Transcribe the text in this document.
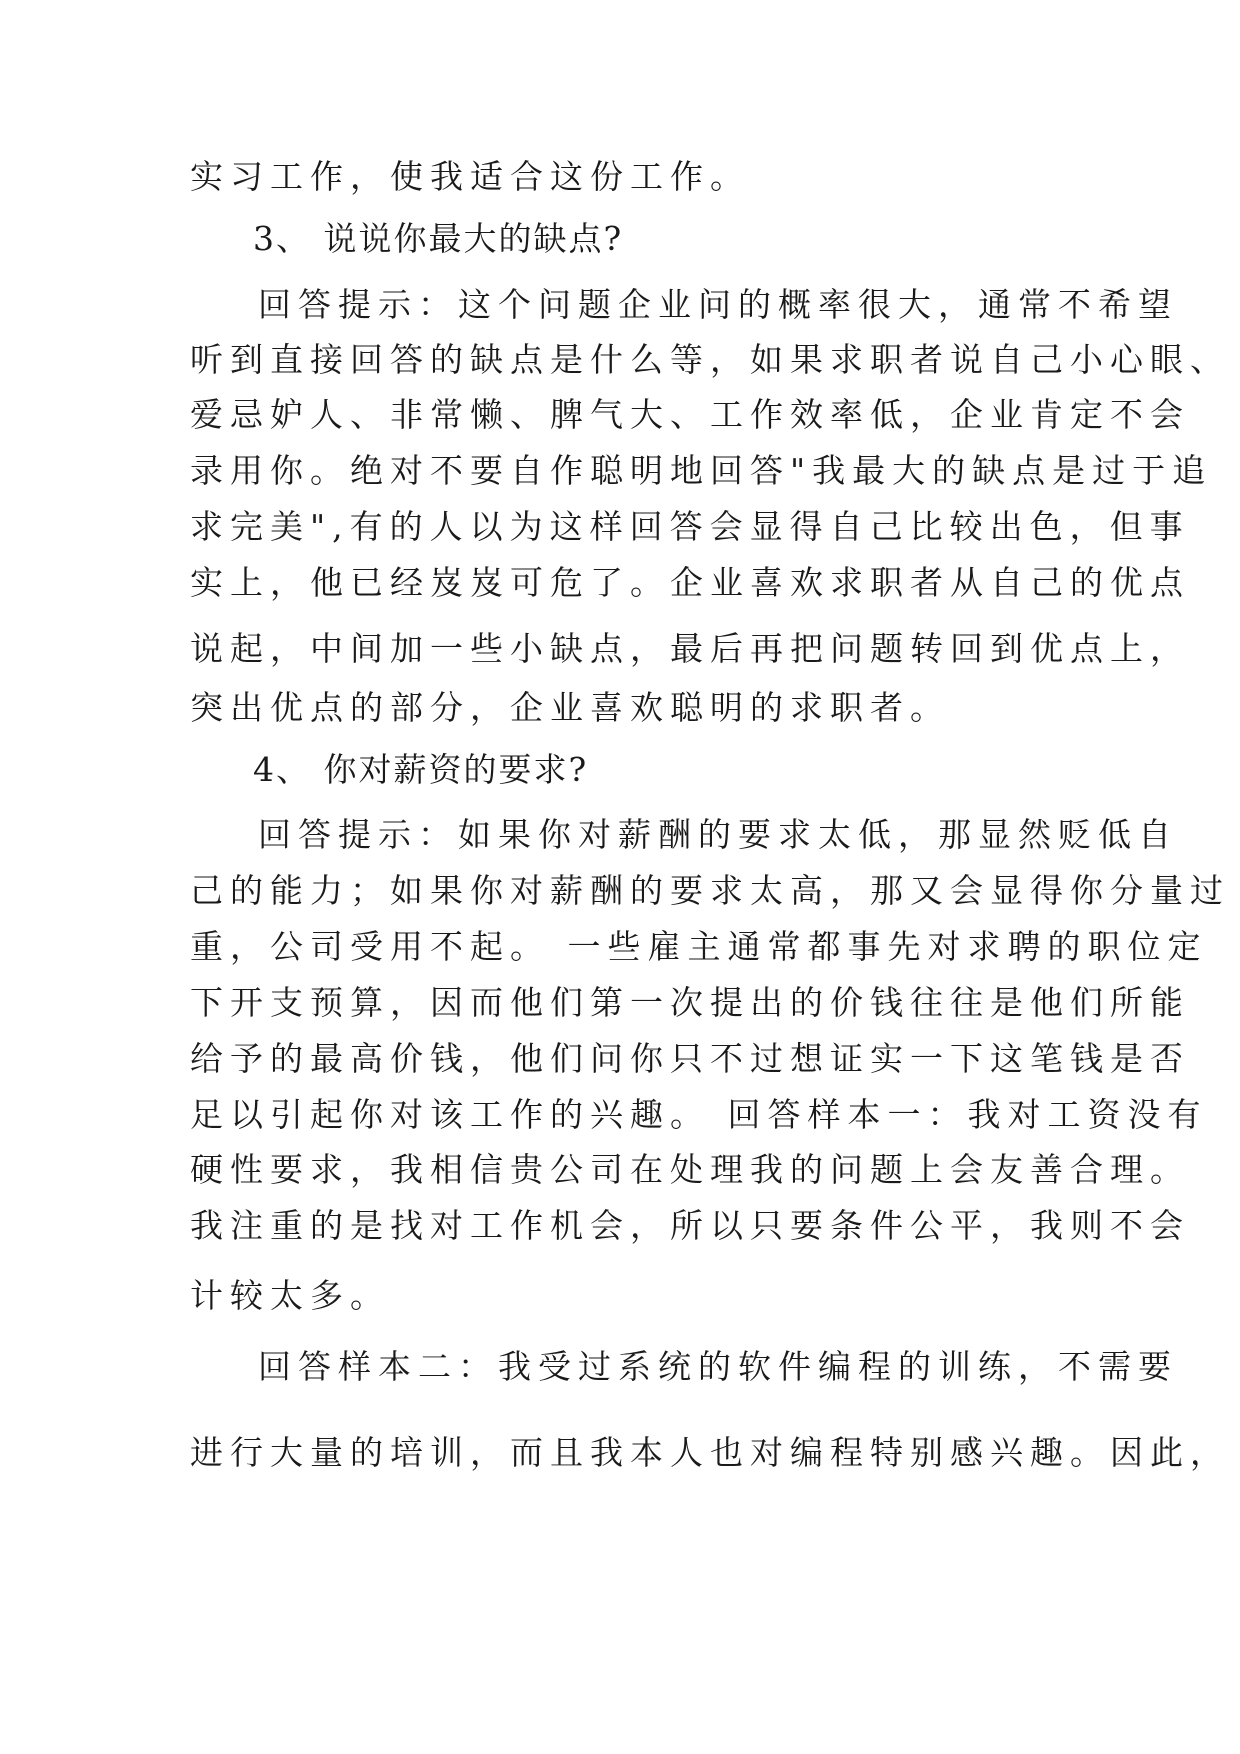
实习工作，使我适合这份工作。
3、 说说你最大的缺点?
回答提示：这个问题企业问的概率很大，通常不希望
听到直接回答的缺点是什么等，如果求职者说自己小心眼、
爱忌妒人、非常懒、脾气大、工作效率低，企业肯定不会
录用你。绝对不要自作聪明地回答"我最大的缺点是过于追
求完美",有的人以为这样回答会显得自己比较出色，但事
实上，他已经岌岌可危了。企业喜欢求职者从自己的优点
说起，中间加一些小缺点，最后再把问题转回到优点上，
突出优点的部分，企业喜欢聪明的求职者。
4、 你对薪资的要求?
回答提示：如果你对薪酬的要求太低，那显然贬低自
己的能力；如果你对薪酬的要求太高，那又会显得你分量过
重，公司受用不起。 一些雇主通常都事先对求聘的职位定
下开支预算，因而他们第一次提出的价钱往往是他们所能
给予的最高价钱，他们问你只不过想证实一下这笔钱是否
足以引起你对该工作的兴趣。 回答样本一：我对工资没有
硬性要求，我相信贵公司在处理我的问题上会友善合理。
我注重的是找对工作机会，所以只要条件公平，我则不会
计较太多。
回答样本二：我受过系统的软件编程的训练，不需要
进行大量的培训，而且我本人也对编程特别感兴趣。因此，
